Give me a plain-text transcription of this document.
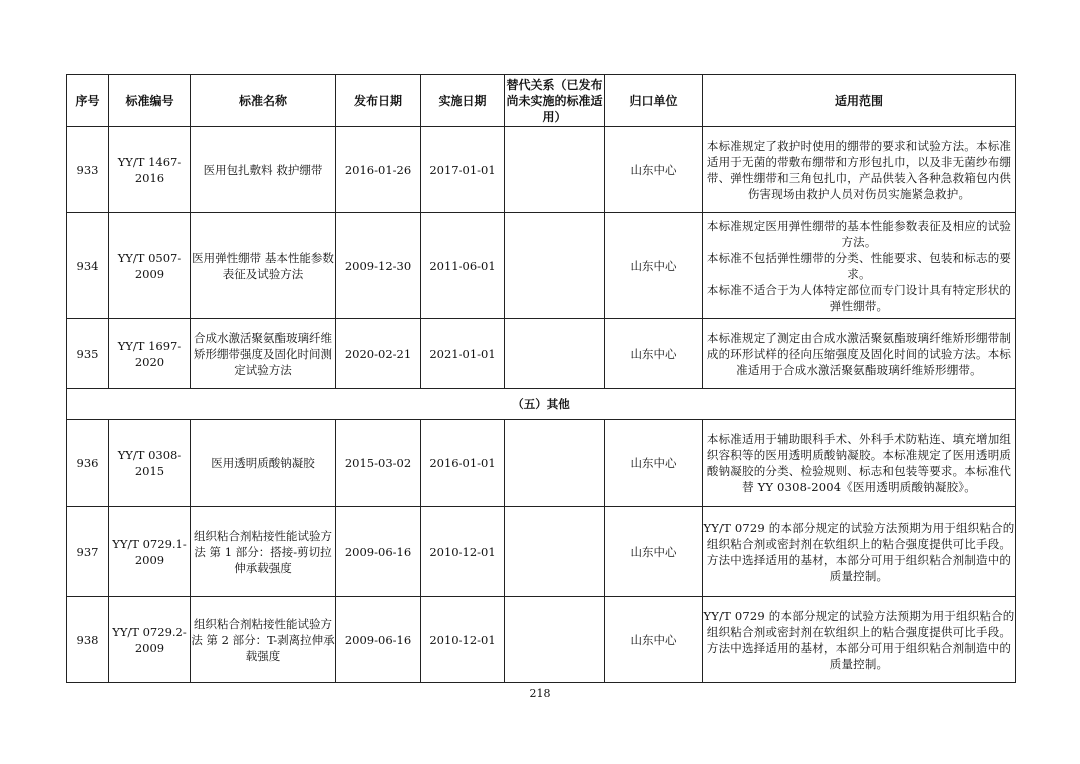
序号	标准编号	标准名称	发布日期	实施日期	替代关系（已发布尚未实施的标准适用）	归口单位	适用范围
933	YY/T 1467-2016	医用包扎敷料 救护绷带	2016-01-26	2017-01-01		山东中心	本标准规定了救护时使用的绷带的要求和试验方法。本标准适用于无菌的带敷布绷带和方形包扎巾，以及非无菌纱布绷带、弹性绷带和三角包扎巾，产品供装入各种急救箱包内供伤害现场由救护人员对伤员实施紧急救护。
934	YY/T 0507-2009	医用弹性绷带 基本性能参数表征及试验方法	2009-12-30	2011-06-01		山东中心	本标准规定医用弹性绷带的基本性能参数表征及相应的试验方法。
本标准不包括弹性绷带的分类、性能要求、包装和标志的要求。
本标准不适合于为人体特定部位而专门设计具有特定形状的弹性绷带。

935	YY/T 1697-2020	合成水激活聚氨酯玻璃纤维矫形绷带强度及固化时间测定试验方法	2020-02-21	2021-01-01		山东中心	本标准规定了测定由合成水激活聚氨酯玻璃纤维矫形绷带制成的环形试样的径向压缩强度及固化时间的试验方法。本标准适用于合成水激活聚氨酯玻璃纤维矫形绷带。
（五）其他							
936	YY/T 0308-2015	医用透明质酸钠凝胶	2015-03-02	2016-01-01		山东中心	本标准适用于辅助眼科手术、外科手术防粘连、填充增加组织容积等的医用透明质酸钠凝胶。本标准规定了医用透明质酸钠凝胶的分类、检验规则、标志和包装等要求。本标准代替 YY 0308-2004《医用透明质酸钠凝胶》。
937	YY/T 0729.1-2009	组织粘合剂粘接性能试验方法 第 1 部分：搭接-剪切拉伸承载强度	2009-06-16	2010-12-01		山东中心	YY/T 0729 的本部分规定的试验方法预期为用于组织粘合的组织粘合剂或密封剂在软组织上的粘合强度提供可比手段。方法中选择适用的基材，本部分可用于组织粘合剂制造中的质量控制。
938	YY/T 0729.2-2009	组织粘合剂粘接性能试验方法 第 2 部分：T-剥离拉伸承载强度	2009-06-16	2010-12-01		山东中心	YY/T 0729 的本部分规定的试验方法预期为用于组织粘合的组织粘合剂或密封剂在软组织上的粘合强度提供可比手段。方法中选择适用的基材，本部分可用于组织粘合剂制造中的质量控制。
218
